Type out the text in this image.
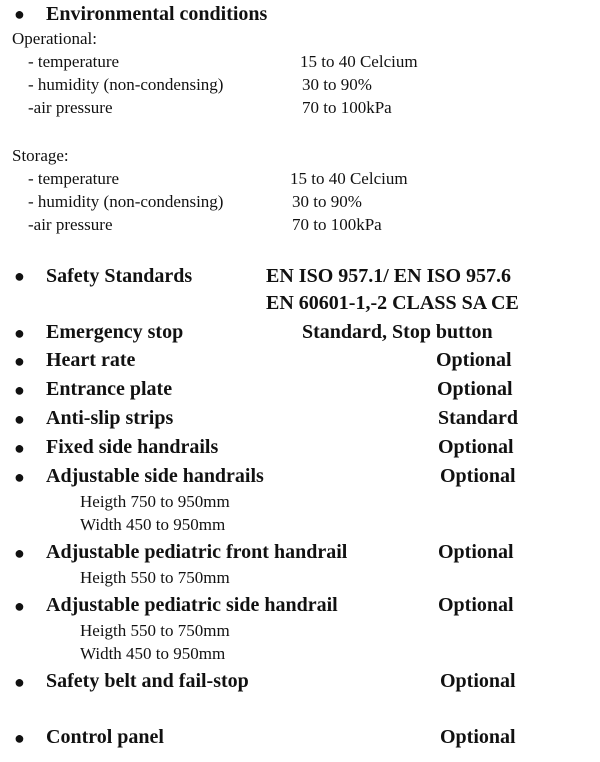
● Environmental conditions
Operational:
- temperature	15 to 40 Celcium
- humidity (non-condensing)	30 to 90%
-air pressure	70 to 100kPa
Storage:
- temperature	15 to 40 Celcium
- humidity (non-condensing)	30 to 90%
-air pressure	70 to 100kPa
● Safety Standards	EN ISO 957.1/ EN ISO 957.6
EN 60601-1,-2 CLASS SA CE
● Emergency stop	Standard, Stop button
● Heart rate	Optional
● Entrance plate	Optional
● Anti-slip strips	Standard
● Fixed side handrails	Optional
● Adjustable side handrails	Optional
Heigth 750 to 950mm
Width 450 to 950mm
● Adjustable pediatric front handrail	Optional
Heigth 550 to 750mm
● Adjustable pediatric side handrail	Optional
Heigth 550 to 750mm
Width 450 to 950mm
● Safety belt and fail-stop	Optional
● Control panel	Optional
